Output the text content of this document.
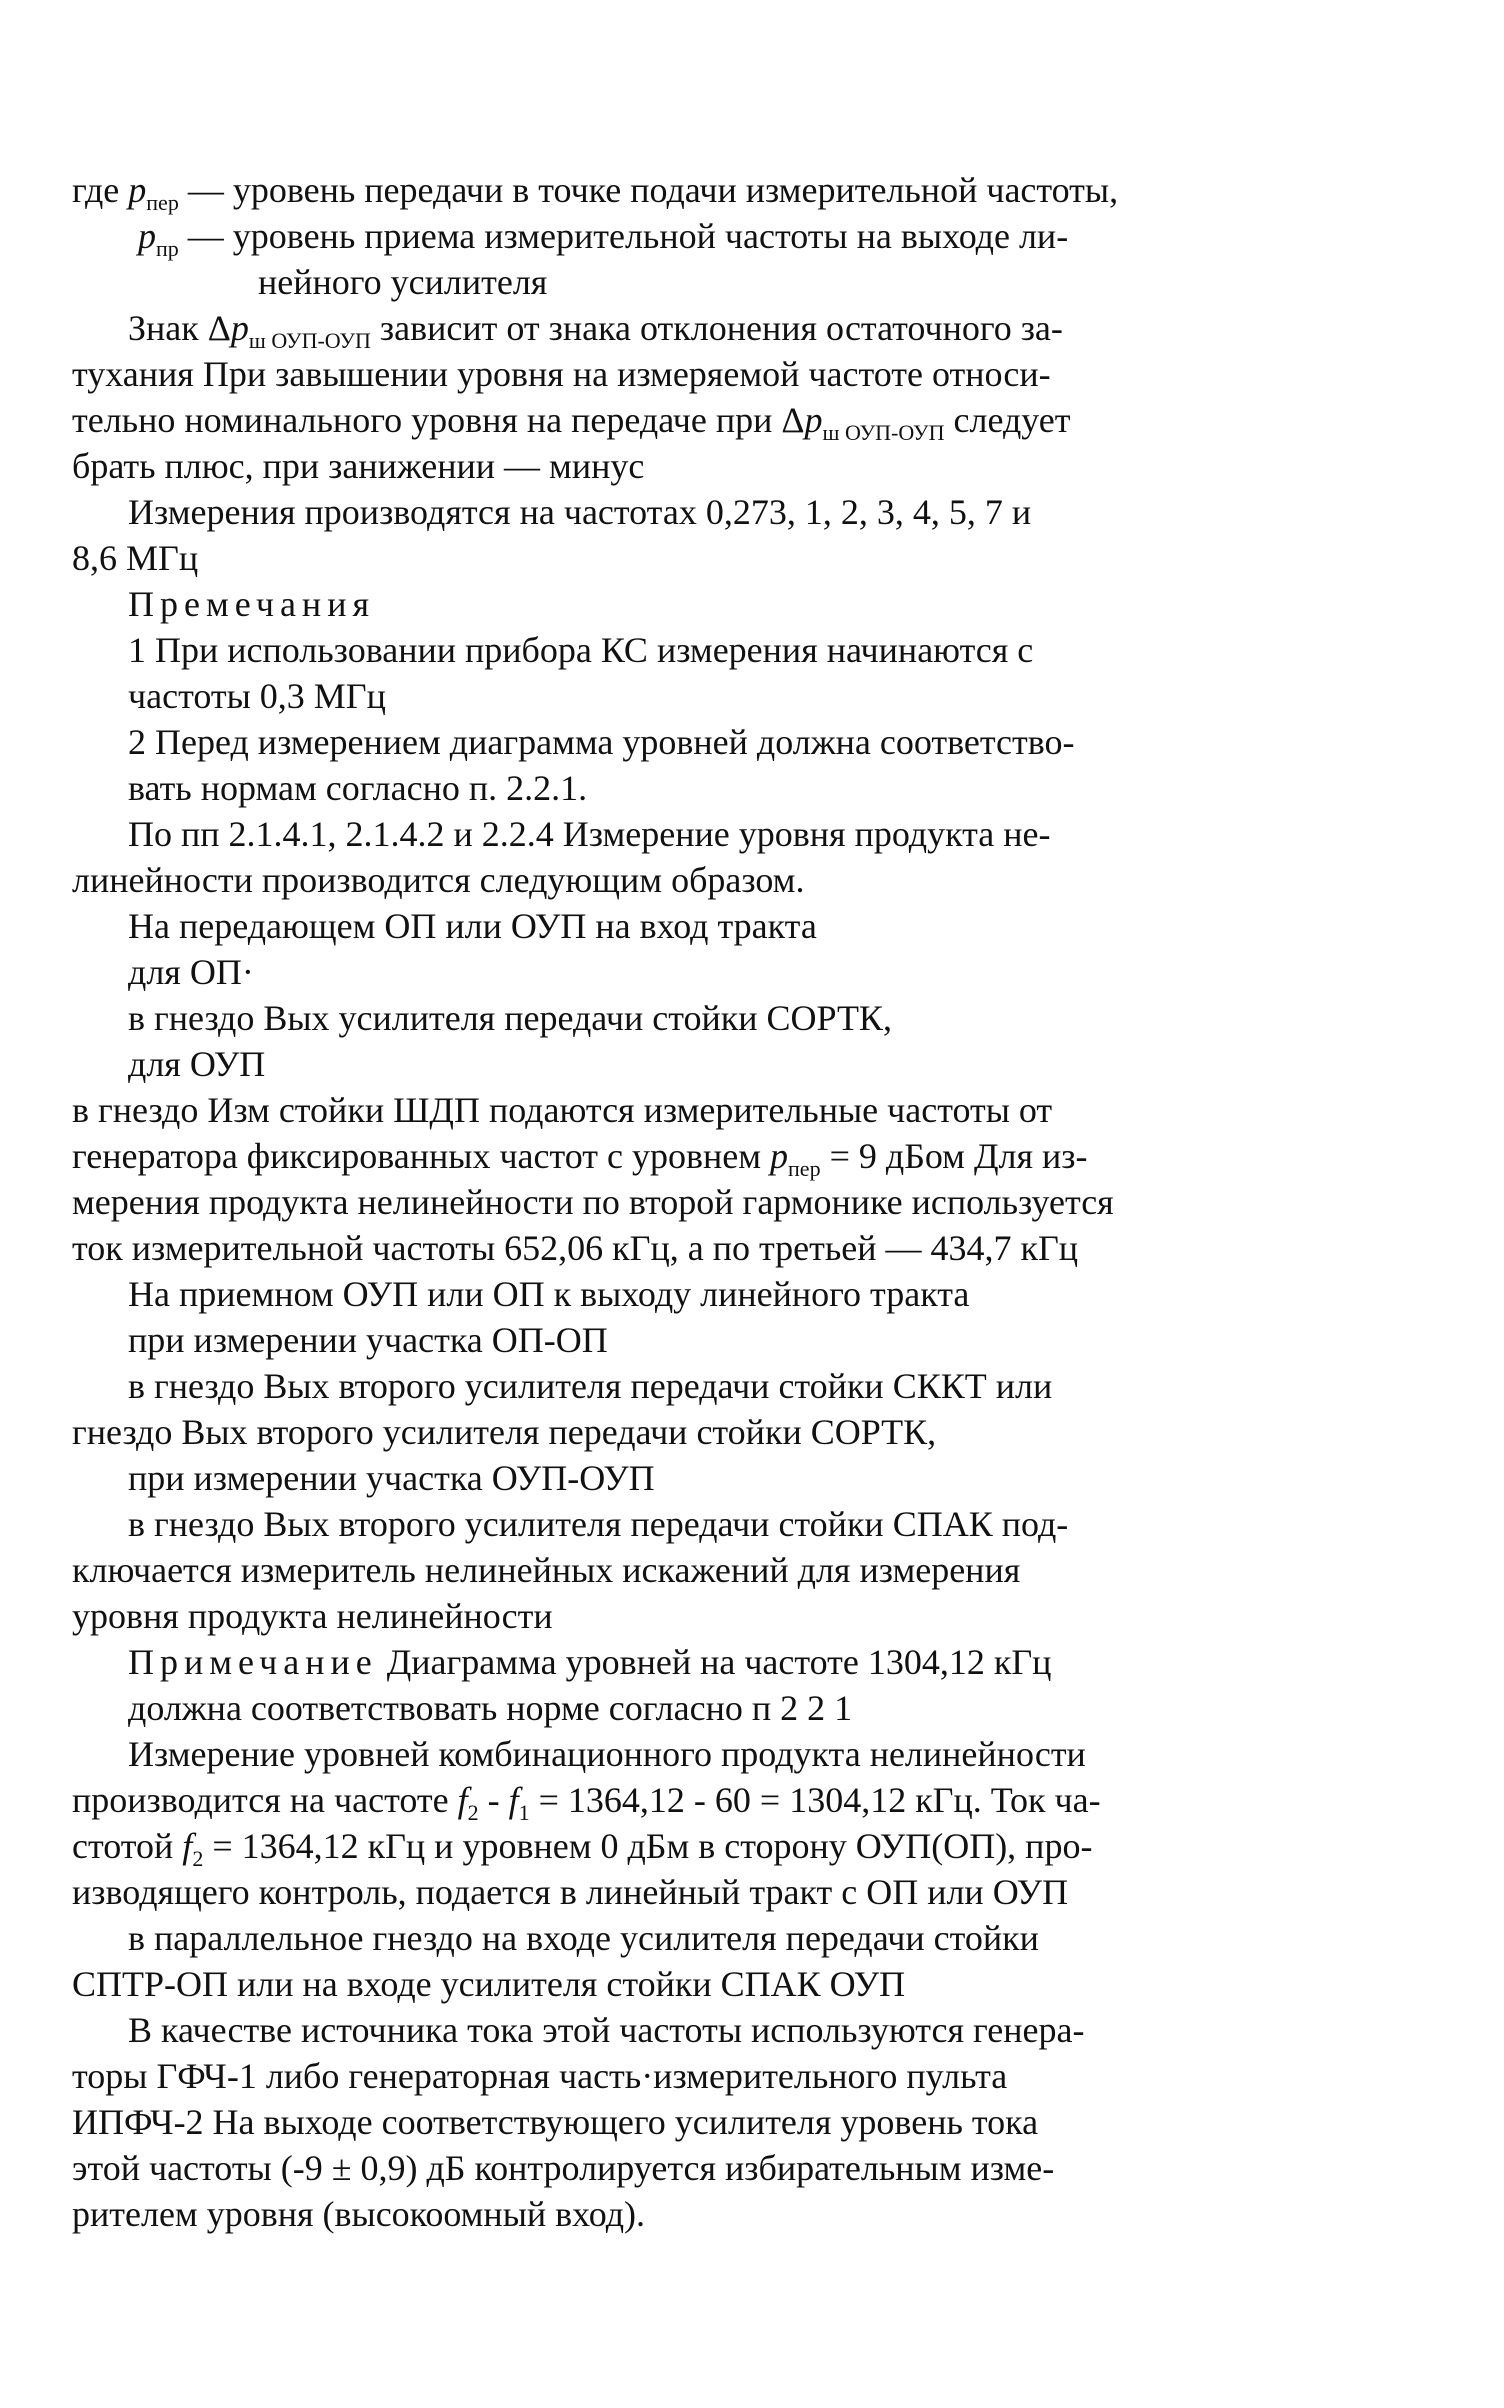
где $p_{пер}$ — уровень передачи в точке подачи измерительной частоты,
$p_{пр}$ — уровень приема измерительной частоты на выходе ли-
нейного усилителя
Знак $\Delta p_{ш ОУП-ОУП}$ зависит от знака отклонения остаточного за-
тухания При завышении уровня на измеряемой частоте относи-
тельно номинального уровня на передаче при $\Delta p_{ш ОУП-ОУП}$ следует
брать плюс, при занижении — минус
Измерения производятся на частотах 0,273, 1, 2, 3, 4, 5, 7 и
8,6 МГц
Премечания
1 При использовании прибора КС измерения начинаются с
частоты 0,3 МГц
2 Перед измерением диаграмма уровней должна соответство-
вать нормам согласно п. 2.2.1.
По пп 2.1.4.1, 2.1.4.2 и 2.2.4 Измерение уровня продукта не-
линейности производится следующим образом.
На передающем ОП или ОУП на вход тракта
для ОП·
в гнездо Вых усилителя передачи стойки СОРТК,
для ОУП
в гнездо Изм стойки ШДП подаются измерительные частоты от
генератора фиксированных частот с уровнем $p_{пер} = 9$ дБом Для из-
мерения продукта нелинейности по второй гармонике используется
ток измерительной частоты 652,06 кГц, а по третьей — 434,7 кГц
На приемном ОУП или ОП к выходу линейного тракта
при измерении участка ОП-ОП
в гнездо Вых второго усилителя передачи стойки СККТ или
гнездо Вых второго усилителя передачи стойки СОРТК,
при измерении участка ОУП-ОУП
в гнездо Вых второго усилителя передачи стойки СПАК под-
ключается измеритель нелинейных искажений для измерения
уровня продукта нелинейности
Примечание Диаграмма уровней на частоте 1304,12 кГц
должна соответствовать норме согласно п 2 2 1
Измерение уровней комбинационного продукта нелинейности
производится на частоте $f_2 - f_1 = 1364,12 - 60 = 1304,12$ кГц. Ток ча-
стотой $f_2 = 1364,12$ кГц и уровнем 0 дБм в сторону ОУП(ОП), про-
изводящего контроль, подается в линейный тракт с ОП или ОУП
в параллельное гнездо на входе усилителя передачи стойки
СПТР-ОП или на входе усилителя стойки СПАК ОУП
В качестве источника тока этой частоты используются генера-
торы ГФЧ-1 либо генераторная часть·измерительного пульта
ИПФЧ-2 На выходе соответствующего усилителя уровень тока
этой частоты (-9 ± 0,9) дБ контролируется избирательным изме-
рителем уровня (высокоомный вход).
